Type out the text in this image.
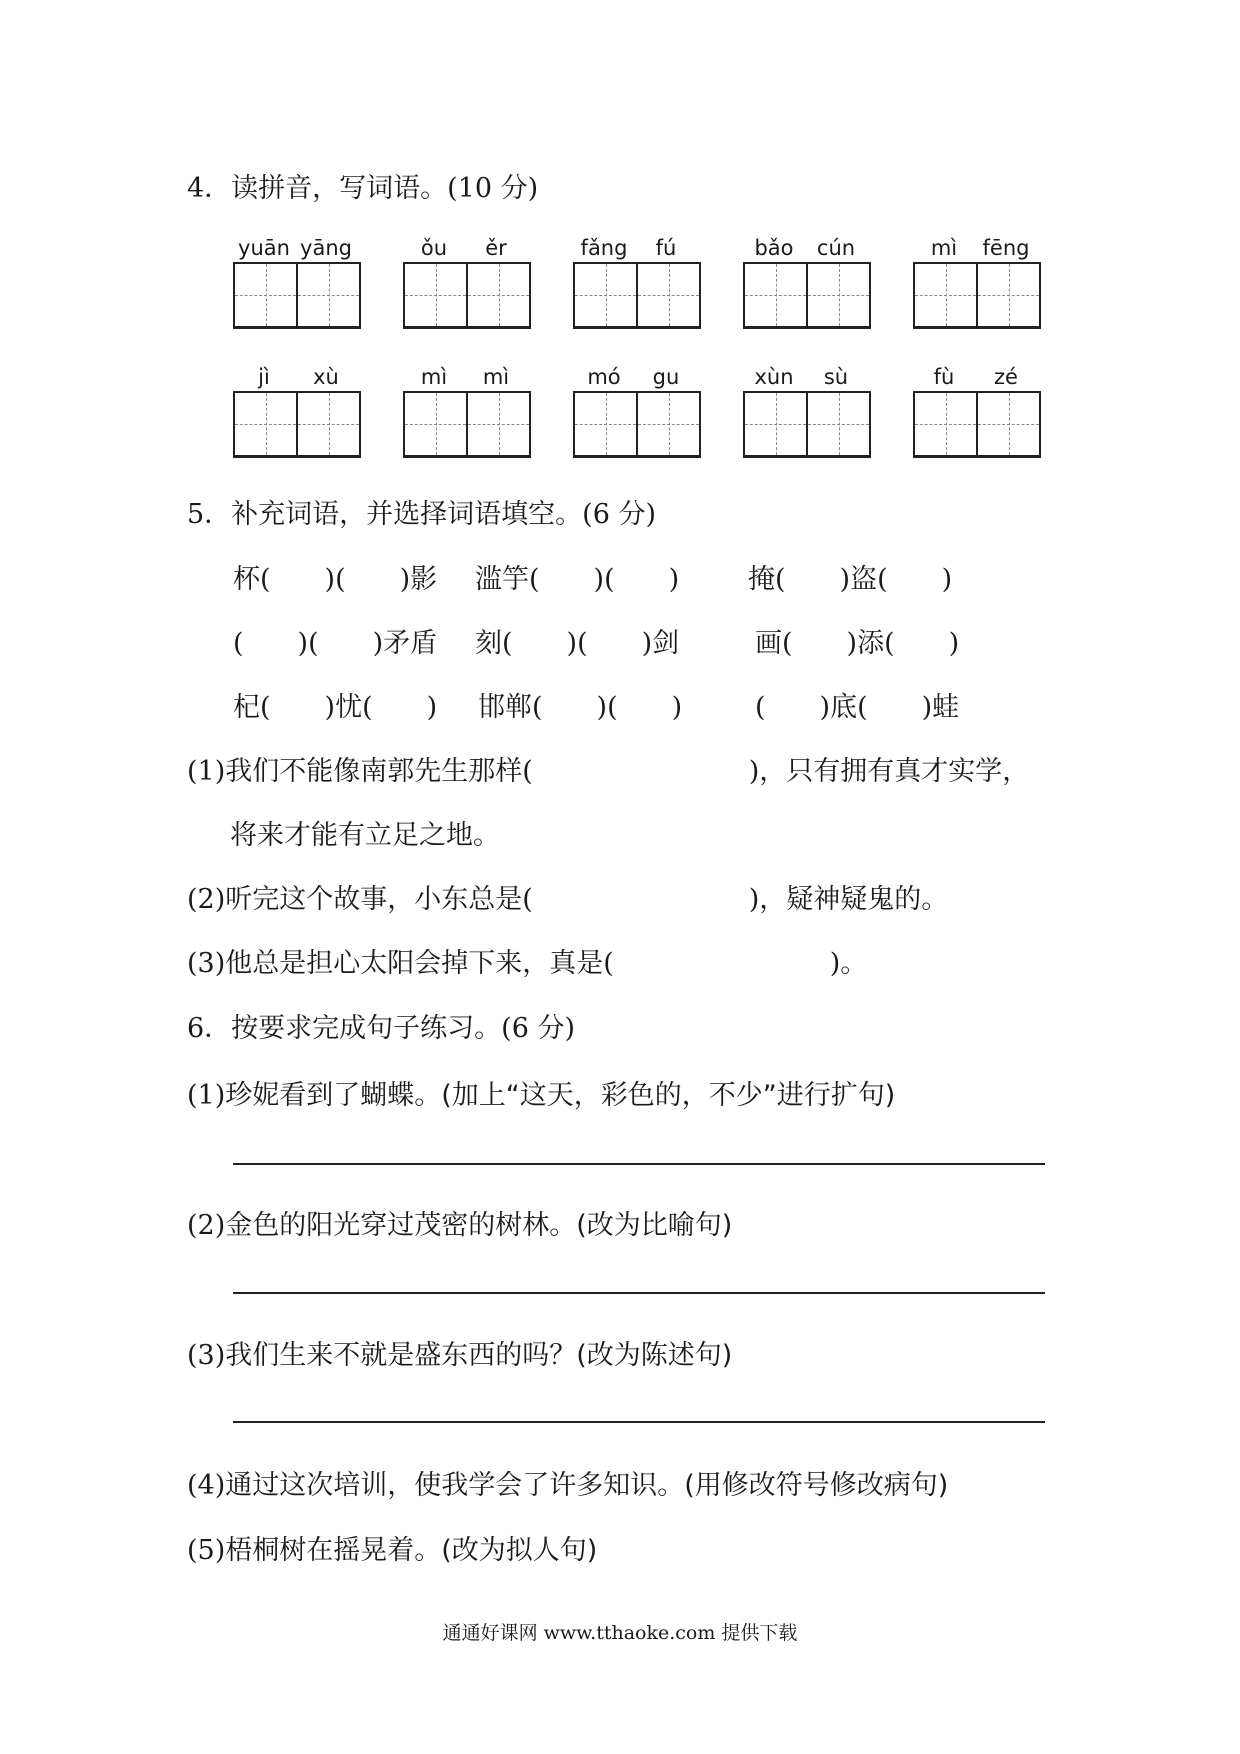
4．读拼音，写词语。(10 分)
yuān yāng	ǒu	ěr	fǎng	fú	bǎo	cún	mì	fēng
jì	xù	mì	mì	mó	gu	xùn	sù	fù	zé
5．补充词语，并选择词语填空。(6 分)
杯(　　)(　　)影 滥竽(　　)(　　)	掩(　　)盗(　　)
(　　)(　　)矛盾 刻(　　)(　　)剑	画(　　)添(　　)
杞(　　)忧(　　) 邯郸(　　)(　　)	(　　)底(　　)蛙
(1)我们不能像南郭先生那样(　　　　　　　　)，只有拥有真才实学，
将来才能有立足之地。
(2)听完这个故事，小东总是(　　　　　　　　)，疑神疑鬼的。
(3)他总是担心太阳会掉下来，真是(　　　　　　　　)。
6．按要求完成句子练习。(6 分)
(1)珍妮看到了蝴蝶。(加上“这天，彩色的，不少”进行扩句)
(2)金色的阳光穿过茂密的树林。(改为比喻句)
(3)我们生来不就是盛东西的吗？(改为陈述句)
(4)通过这次培训，使我学会了许多知识。(用修改符号修改病句)
(5)梧桐树在摇晃着。(改为拟人句)
通通好课网 www.tthaoke.com 提供下载
